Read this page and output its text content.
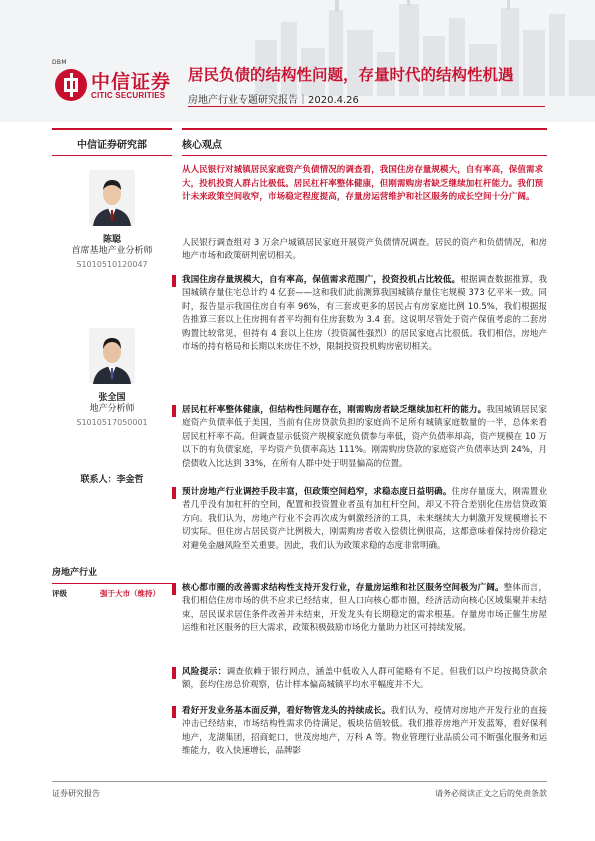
DBM
中信证券
CITIC SECURITIES
居民负债的结构性问题，存量时代的结构性机遇
房地产行业专题研究报告｜2020.4.26
中信证券研究部
陈聪
首席基地产业分析师
S1010510120047
张全国
地产分析师
S1010517050001
联系人：李金哲
房地产行业
评级	强于大市（维持）
核心观点
从人民银行对城镇居民家庭资产负债情况的调查看，我国住房存量规模大，自有率高，保值需求大，投机投资人群占比极低。居民杠杆率整体健康，但刚需购房者缺乏继续加杠杆能力。我们预计未来政策空间收窄，市场稳定程度提高，存量房运营维护和社区服务的成长空间十分广阔。
人民银行调查组对 3 万余户城镇居民家庭开展资产负债情况调查。居民的资产和负债情况，和房地产市场和政策研判密切相关。
我国住房存量规模大，自有率高，保值需求范围广，投资投机占比较低。根据调查数据推算，我国城镇存量住宅总计约 4 亿套——这和我们此前测算我国城镇存量住宅规模 373 亿平米一致。同时，报告显示我国住房自有率 96%，有三套或更多的居民占有房家庭比例 10.5%，我们根据报告推算三套以上住房拥有者平均拥有住房套数为 3.4 套。这说明尽管处于资产保值考虑的二套房购置比较常见，但持有 4 套以上住房（投资属性强烈）的居民家庭占比很低。我们相信，房地产市场的持有格局和长期以来房住不炒，限制投资投机购房密切相关。
居民杠杆率整体健康，但结构性问题存在，刚需购房者缺乏继续加杠杆的能力。我国城镇居民家庭资产负债率低于美国，当前有住房贷款负担的家庭尚不足所有城镇家庭数量的一半，总体来看居民杠杆率不高。但调查显示低资产规模家庭负债参与率低，资产负债率却高，资产规模在 10 万以下的有负债家庭，平均资产负债率高达 111%。刚需购房贷款的家庭资产负债率达到 24%，月偿债收入比达到 33%，在所有人群中处于明显偏高的位置。
预计房地产行业调控手段丰富，但政策空间趋窄，求稳态度日益明确。住房存量庞大，刚需置业者几乎没有加杠杆的空间，配置和投资置业者虽有加杠杆空间，却又不符合差别化住房信贷政策方向。我们认为，房地产行业不会再次成为刺激经济的工具，未来继续大力刺激开发规模增长不切实际。但住房占居民资产比例极大，刚需购房者收入偿债比例很高，这都意味着保持房价稳定对避免金融风险至关重要。因此，我们认为政策求稳的态度非常明确。
核心都市圈的改善需求结构性支持开发行业，存量房运维和社区服务空间极为广阔。整体而言，我们相信住房市场的供不应求已经结束，但人口向核心都市圈，经济活动向核心区域集聚并未结束，居民谋求居住条件改善并未结束，开发龙头有长期稳定的需求根基。存量房市场正催生房屋运维和社区服务的巨大需求，政策积极鼓励市场化力量助力社区可持续发展。
风险提示：调查依赖于银行网点，涵盖中低收入人群可能略有不足。但我们以户均按揭贷款余额，套均住房总价观察，估计样本偏高城镇平均水平幅度并不大。
看好开发业务基本面反弹，看好物管龙头的持续成长。我们认为，疫情对房地产开发行业的直接冲击已经结束，市场结构性需求仍待满足，板块估值较低。我们推荐房地产开发蓝筹，看好保利地产，龙湖集团，招商蛇口，世茂房地产，万科 A 等。物业管理行业品质公司不断强化服务和运维能力，收入快速增长，品牌影
证券研究报告	请务必阅读正文之后的免责条款
